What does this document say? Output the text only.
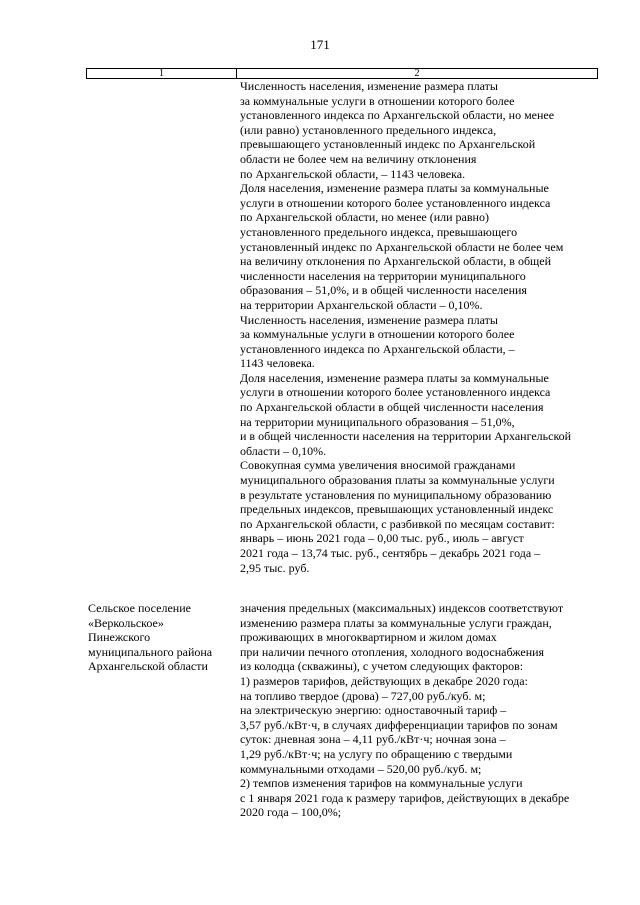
171
1	2
Численность населения, изменение размера платы
за коммунальные услуги в отношении которого более
установленного индекса по Архангельской области, но менее
(или равно) установленного предельного индекса,
превышающего установленный индекс по Архангельской
области не более чем на величину отклонения
по Архангельской области, – 1143 человека.
Доля населения, изменение размера платы за коммунальные
услуги в отношении которого более установленного индекса
по Архангельской области, но менее (или равно)
установленного предельного индекса, превышающего
установленный индекс по Архангельской области не более чем
на величину отклонения по Архангельской области, в общей
численности населения на территории муниципального
образования – 51,0%, и в общей численности населения
на территории Архангельской области – 0,10%.
Численность населения, изменение размера платы
за коммунальные услуги в отношении которого более
установленного индекса по Архангельской области, –
1143 человека.
Доля населения, изменение размера платы за коммунальные
услуги в отношении которого более установленного индекса
по Архангельской области в общей численности населения
на территории муниципального образования – 51,0%,
и в общей численности населения на территории Архангельской
области – 0,10%.
Совокупная сумма увеличения вносимой гражданами
муниципального образования платы за коммунальные услуги
в результате установления по муниципальному образованию
предельных индексов, превышающих установленный индекс
по Архангельской области, с разбивкой по месяцам составит:
январь – июнь 2021 года – 0,00 тыс. руб., июль – август
2021 года – 13,74 тыс. руб., сентябрь – декабрь 2021 года –
2,95 тыс. руб.
Сельское поселение
«Веркольское»
Пинежского
муниципального района
Архангельской области
значения предельных (максимальных) индексов соответствуют
изменению размера платы за коммунальные услуги граждан,
проживающих в многоквартирном и жилом домах
при наличии печного отопления, холодного водоснабжения
из колодца (скважины), с учетом следующих факторов:
1) размеров тарифов, действующих в декабре 2020 года:
на топливо твердое (дрова) – 727,00 руб./куб. м;
на электрическую энергию: одноставочный тариф –
3,57 руб./кВт·ч, в случаях дифференциации тарифов по зонам
суток: дневная зона – 4,11 руб./кВт·ч; ночная зона –
1,29 руб./кВт·ч; на услугу по обращению с твердыми
коммунальными отходами – 520,00 руб./куб. м;
2) темпов изменения тарифов на коммунальные услуги
с 1 января 2021 года к размеру тарифов, действующих в декабре
2020 года – 100,0%;
